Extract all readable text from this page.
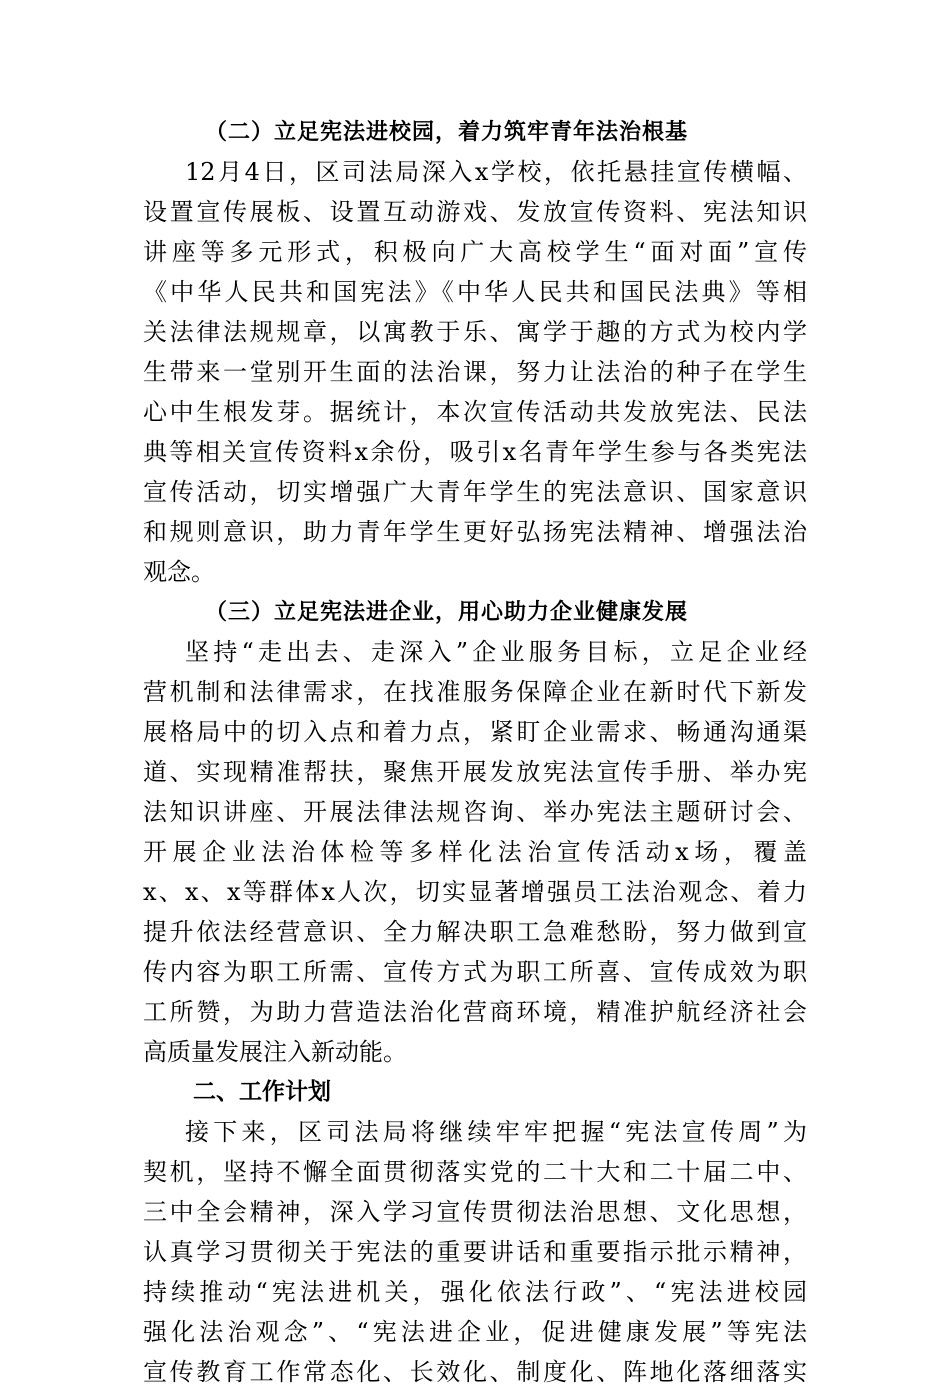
（二）立足宪法进校园，着力筑牢青年法治根基
12月4日，区司法局深入x学校，依托悬挂宣传横幅、
设置宣传展板、设置互动游戏、发放宣传资料、宪法知识
讲座等多元形式，积极向广大高校学生“面对面”宣传
《中华人民共和国宪法》《中华人民共和国民法典》等相
关法律法规规章，以寓教于乐、寓学于趣的方式为校内学
生带来一堂别开生面的法治课，努力让法治的种子在学生
心中生根发芽。据统计，本次宣传活动共发放宪法、民法
典等相关宣传资料x余份，吸引x名青年学生参与各类宪法
宣传活动，切实增强广大青年学生的宪法意识、国家意识
和规则意识，助力青年学生更好弘扬宪法精神、增强法治
观念。
（三）立足宪法进企业，用心助力企业健康发展
坚持“走出去、走深入”企业服务目标，立足企业经
营机制和法律需求，在找准服务保障企业在新时代下新发
展格局中的切入点和着力点，紧盯企业需求、畅通沟通渠
道、实现精准帮扶，聚焦开展发放宪法宣传手册、举办宪
法知识讲座、开展法律法规咨询、举办宪法主题研讨会、
开展企业法治体检等多样化法治宣传活动x场，覆盖
x、x、x等群体x人次，切实显著增强员工法治观念、着力
提升依法经营意识、全力解决职工急难愁盼，努力做到宣
传内容为职工所需、宣传方式为职工所喜、宣传成效为职
工所赞，为助力营造法治化营商环境，精准护航经济社会
高质量发展注入新动能。
二、工作计划
接下来，区司法局将继续牢牢把握“宪法宣传周”为
契机，坚持不懈全面贯彻落实党的二十大和二十届二中、
三中全会精神，深入学习宣传贯彻法治思想、文化思想，
认真学习贯彻关于宪法的重要讲话和重要指示批示精神，
持续推动“宪法进机关，强化依法行政”、“宪法进校园
强化法治观念”、“宪法进企业，促进健康发展”等宪法
宣传教育工作常态化、长效化、制度化、阵地化落细落实
